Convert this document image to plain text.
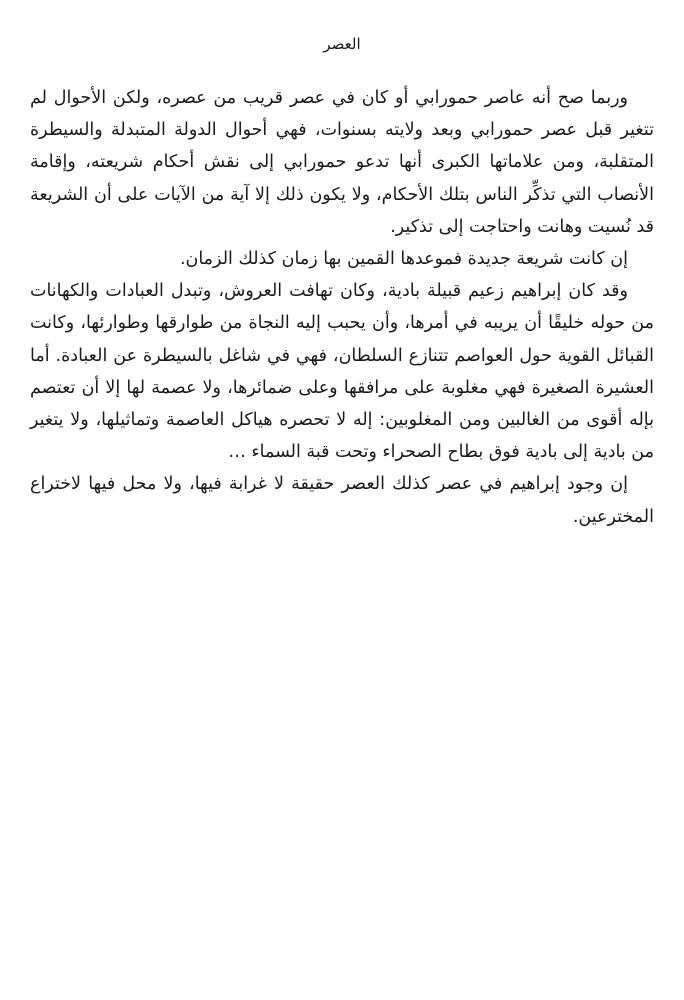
العصر

وربما صح أنه عاصر حمورابي أو كان في عصر قريب من عصره، ولكن الأحوال لم تتغير قبل عصر حمورابي وبعد ولايته بسنوات، فهي أحوال الدولة المتبدلة والسيطرة المتقلبة، ومن علاماتها الكبرى أنها تدعو حمورابي إلى نقش أحكام شريعته، وإقامة الأنصاب التي تذكِّر الناس بتلك الأحكام، ولا يكون ذلك إلا آية من الآيات على أن الشريعة قد نُسيت وهانت واحتاجت إلى تذكير.

إن كانت شريعة جديدة فموعدها القمين بها زمان كذلك الزمان.

وقد كان إبراهيم زعيم قبيلة بادية، وكان تهافت العروش، وتبدل العبادات والكهانات من حوله خليقًا أن يريبه في أمرها، وأن يحبب إليه النجاة من طوارقها وطوارئها، وكانت القبائل القوية حول العواصم تتنازع السلطان، فهي في شاغل بالسيطرة عن العبادة. أما العشيرة الصغيرة فهي مغلوبة على مرافقها وعلى ضمائرها، ولا عصمة لها إلا أن تعتصم بإله أقوى من الغالبين ومن المغلوبين: إله لا تحصره هياكل العاصمة وتماثيلها، ولا يتغير من بادية إلى بادية فوق بطاح الصحراء وتحت قبة السماء …

إن وجود إبراهيم في عصر كذلك العصر حقيقة لا غرابة فيها، ولا محل فيها لاختراع المخترعين.
